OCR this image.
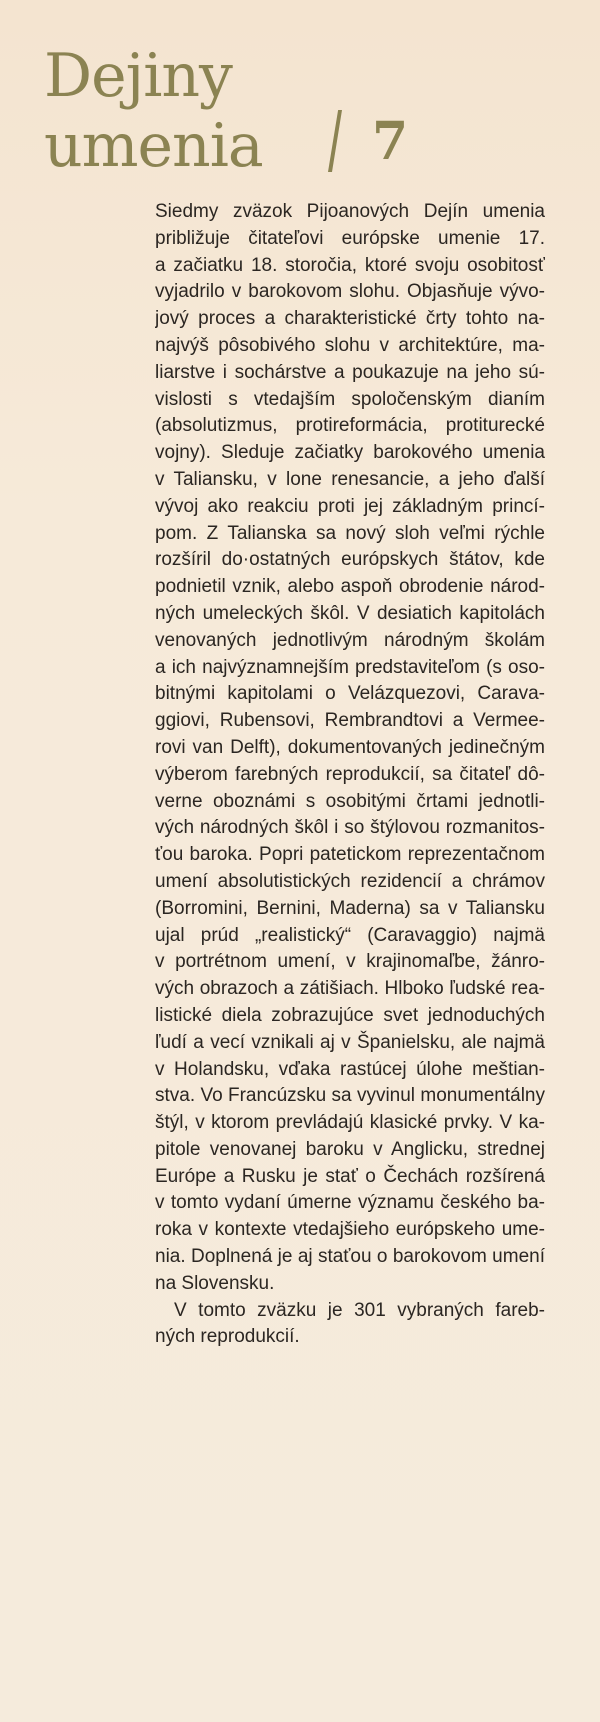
Dejiny
umenia / 7
Siedmy zväzok Pijoanových Dejín umenia
približuje čitateľovi európske umenie 17.
a začiatku 18. storočia, ktoré svoju osobitosť
vyjadrilo v barokovom slohu. Objasňuje vývo-
jový proces a charakteristické črty tohto na-
najvýš pôsobivého slohu v architektúre, ma-
liarstve i sochárstve a poukazuje na jeho sú-
vislosti s vtedajším spoločenským dianím
(absolutizmus, protireformácia, protiturecké
vojny). Sleduje začiatky barokového umenia
v Taliansku, v lone renesancie, a jeho ďalší
vývoj ako reakciu proti jej základným princí-
pom. Z Talianska sa nový sloh veľmi rýchle
rozšíril do·ostatných európskych štátov, kde
podnietil vznik, alebo aspoň obrodenie národ-
ných umeleckých škôl. V desiatich kapitolách
venovaných jednotlivým národným školám
a ich najvýznamnejším predstaviteľom (s oso-
bitnými kapitolami o Velázquezovi, Carava-
ggiovi, Rubensovi, Rembrandtovi a Vermee-
rovi van Delft), dokumentovaných jedinečným
výberom farebných reprodukcií, sa čitateľ dô-
verne oboznámi s osobitými črtami jednotli-
vých národných škôl i so štýlovou rozmanitos-
ťou baroka. Popri patetickom reprezentačnom
umení absolutistických rezidencií a chrámov
(Borromini, Bernini, Maderna) sa v Taliansku
ujal prúd „realistický“ (Caravaggio) najmä
v portrétnom umení, v krajinomaľbe, žánro-
vých obrazoch a zátišiach. Hlboko ľudské rea-
listické diela zobrazujúce svet jednoduchých
ľudí a vecí vznikali aj v Španielsku, ale najmä
v Holandsku, vďaka rastúcej úlohe meštian-
stva. Vo Francúzsku sa vyvinul monumentálny
štýl, v ktorom prevládajú klasické prvky. V ka-
pitole venovanej baroku v Anglicku, strednej
Európe a Rusku je stať o Čechách rozšírená
v tomto vydaní úmerne významu českého ba-
roka v kontexte vtedajšieho európskeho ume-
nia. Doplnená je aj staťou o barokovom umení
na Slovensku.
V tomto zväzku je 301 vybraných fareb-
ných reprodukcií.
